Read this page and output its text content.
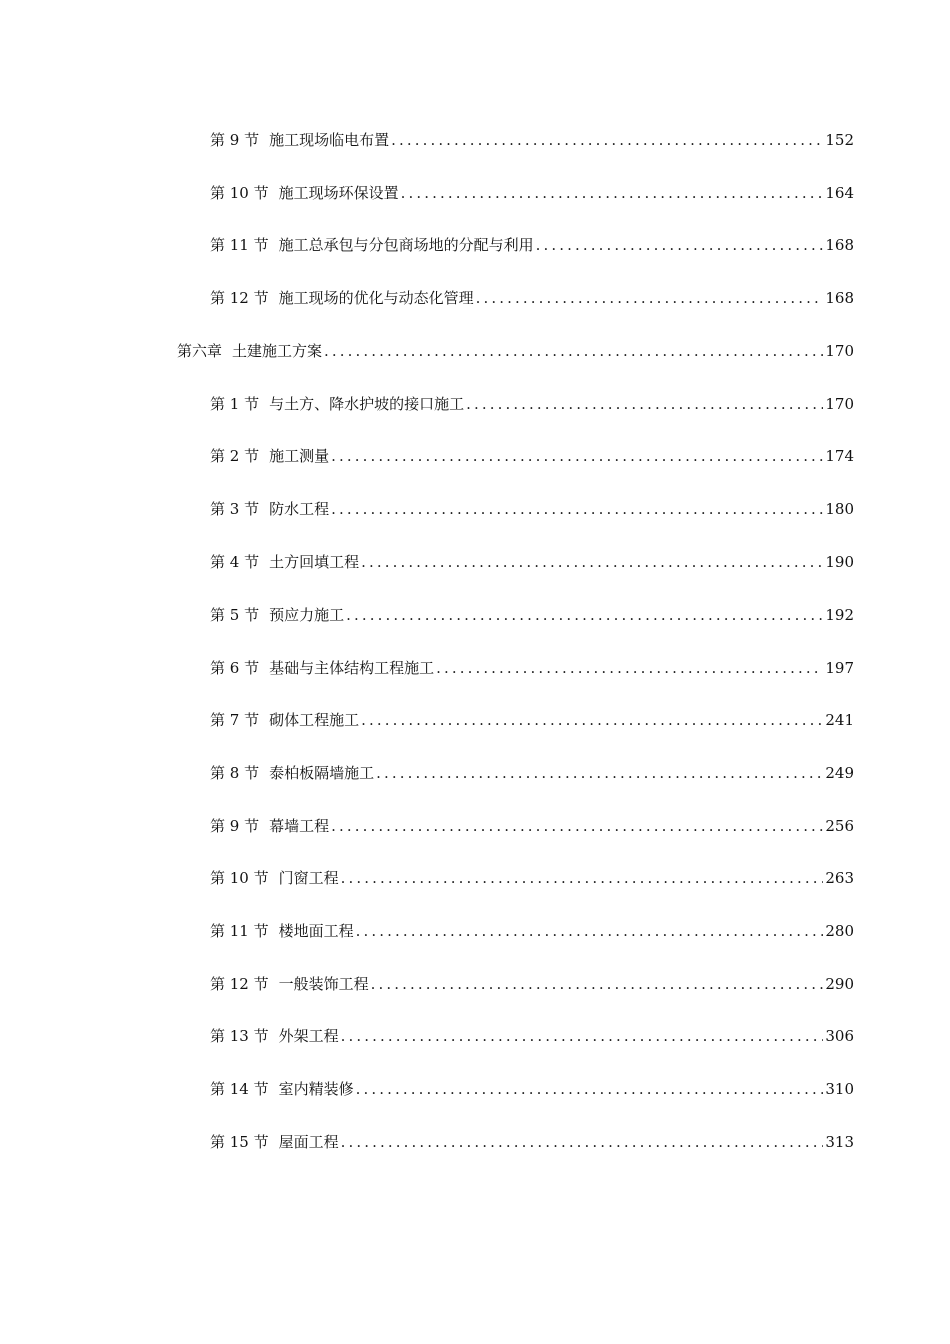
第 9 节 施工现场临电布置 .....	152
第 10 节 施工现场环保设置 .....	164
第 11 节 施工总承包与分包商场地的分配与利用 .....	168
第 12 节 施工现场的优化与动态化管理 .....	168
第六章 土建施工方案 .....	170
第 1 节 与土方、降水护坡的接口施工 .....	170
第 2 节 施工测量 .....	174
第 3 节 防水工程 .....	180
第 4 节 土方回填工程 .....	190
第 5 节 预应力施工 .....	192
第 6 节 基础与主体结构工程施工 .....	197
第 7 节 砌体工程施工 .....	241
第 8 节 泰柏板隔墙施工 .....	249
第 9 节 幕墙工程 .....	256
第 10 节 门窗工程 .....	263
第 11 节 楼地面工程 .....	280
第 12 节 一般装饰工程 .....	290
第 13 节 外架工程 .....	306
第 14 节 室内精装修 .....	310
第 15 节 屋面工程 .....	313
